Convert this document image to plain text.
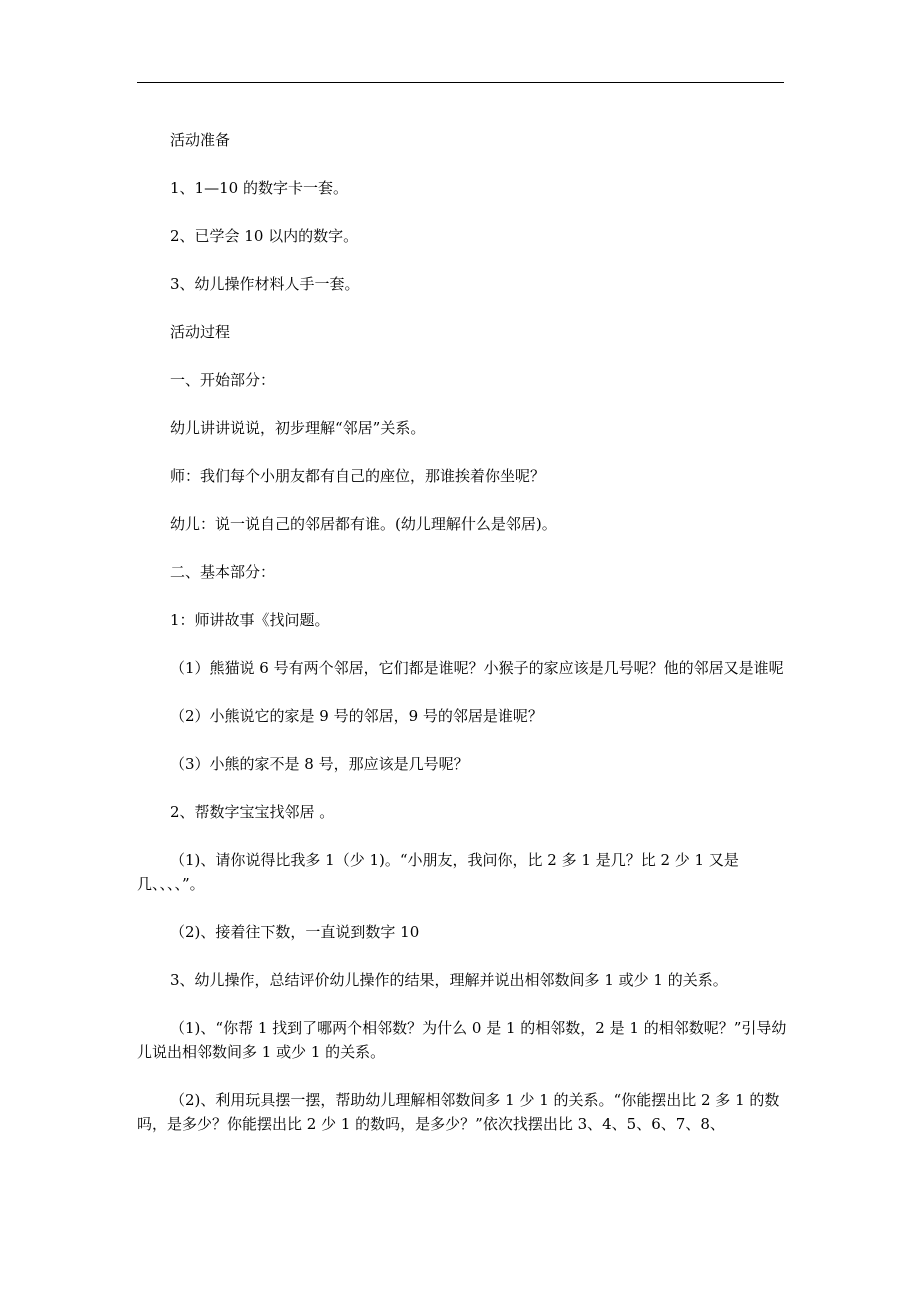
活动准备

1、1—10 的数字卡一套。

2、已学会 10 以内的数字。

3、幼儿操作材料人手一套。

活动过程

一、开始部分：

幼儿讲讲说说，初步理解“邻居”关系。

师：我们每个小朋友都有自己的座位，那谁挨着你坐呢？

幼儿：说一说自己的邻居都有谁。(幼儿理解什么是邻居)。

二、基本部分：

1：师讲故事《找问题。

（1）熊猫说 6 号有两个邻居，它们都是谁呢？小猴子的家应该是几号呢？他的邻居又是谁呢

（2）小熊说它的家是 9 号的邻居，9 号的邻居是谁呢？

（3）小熊的家不是 8 号，那应该是几号呢？

2、帮数字宝宝找邻居 。

（1)、请你说得比我多 1（少 1)。“小朋友，我问你，比 2 多 1 是几？比 2 少 1 又是几、、、、”。

（2)、接着往下数，一直说到数字 10

3、幼儿操作，总结评价幼儿操作的结果，理解并说出相邻数间多 1 或少 1 的关系。

（1)、“你帮 1 找到了哪两个相邻数？为什么 0 是 1 的相邻数，2 是 1 的相邻数呢？”引导幼儿说出相邻数间多 1 或少 1 的关系。

（2)、利用玩具摆一摆，帮助幼儿理解相邻数间多 1 少 1 的关系。“你能摆出比 2 多 1 的数吗，是多少？你能摆出比 2 少 1 的数吗，是多少？”依次找摆出比 3、4、5、6、7、8、
